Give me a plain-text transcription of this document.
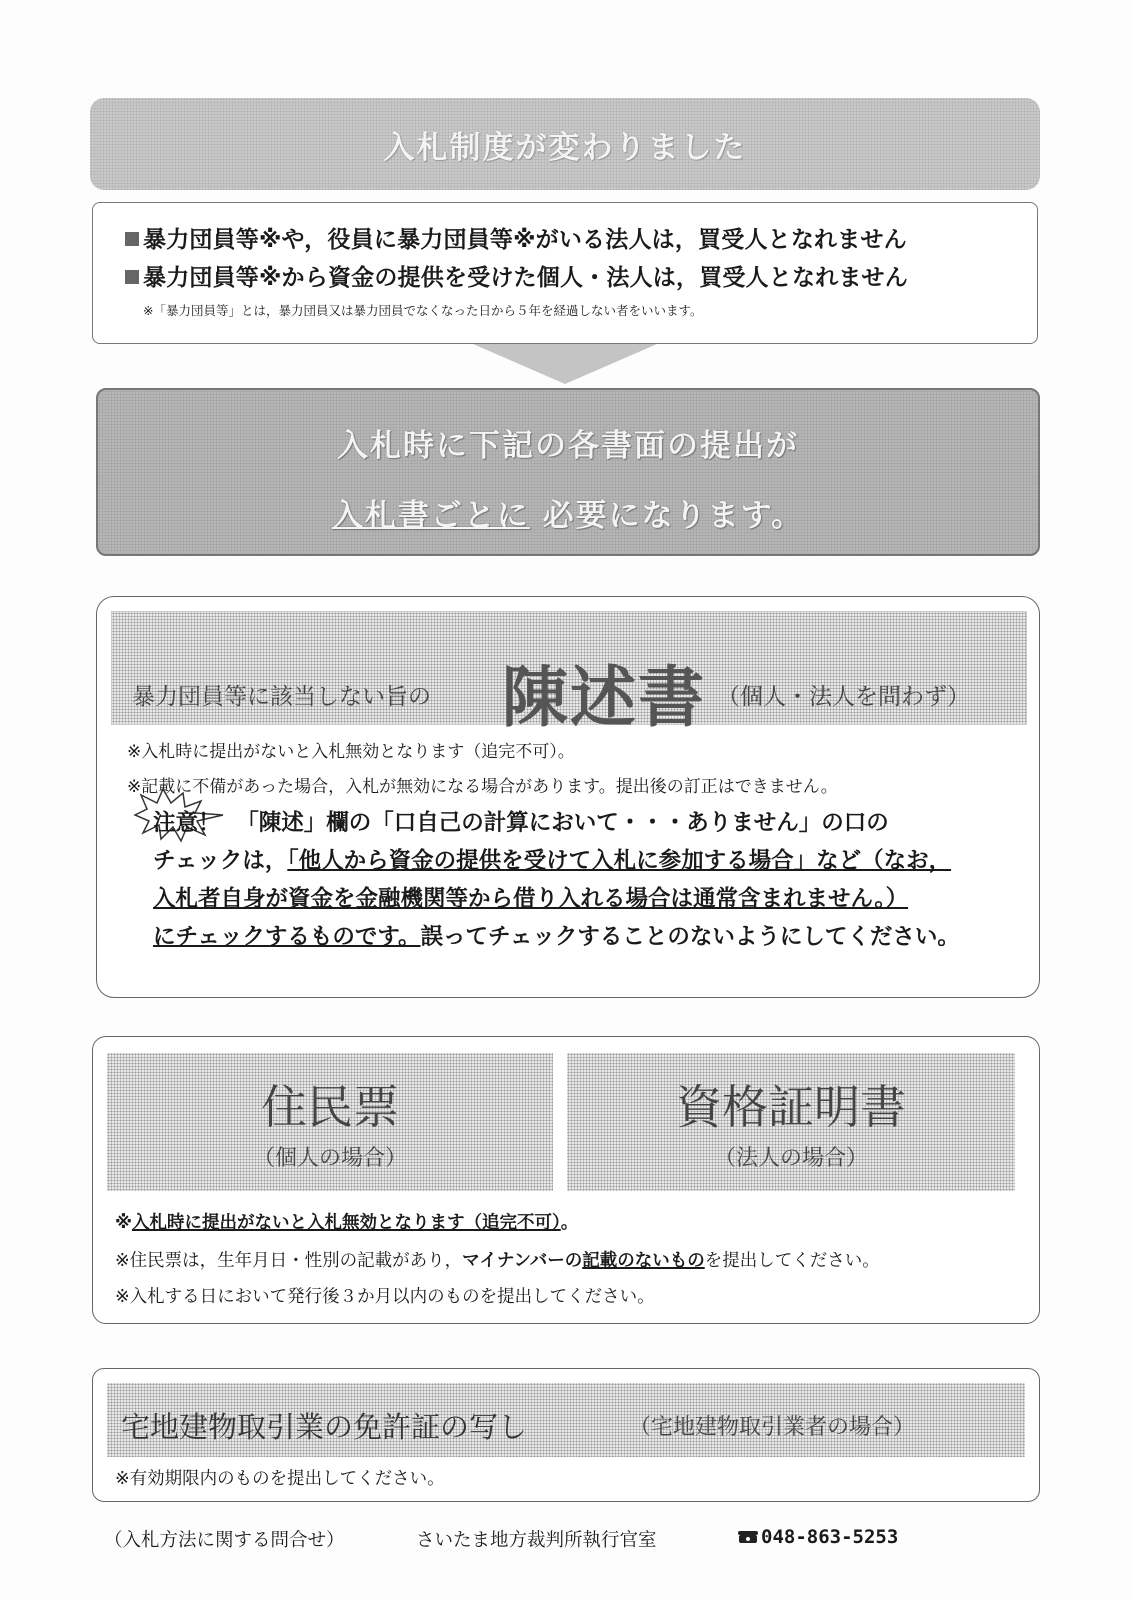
入札制度が変わりました
暴力団員等※や，役員に暴力団員等※がいる法人は，買受人となれません
暴力団員等※から資金の提供を受けた個人・法人は，買受人となれません
※「暴力団員等」とは，暴力団員又は暴力団員でなくなった日から５年を経過しない者をいいます。
入札時に下記の各書面の提出が
入札書ごとに 必要になります。
暴力団員等に該当しない旨の 陳述書 （個人・法人を問わず）
※入札時に提出がないと入札無効となります（追完不可）。
※記載に不備があった場合，入札が無効になる場合があります。提出後の訂正はできません。
注意！ 「陳述」欄の「口自己の計算において・・・ありません」の口の
チェックは，「他人から資金の提供を受けて入札に参加する場合」など（なお，
入札者自身が資金を金融機関等から借り入れる場合は通常含まれません。）
にチェックするものです。誤ってチェックすることのないようにしてください。
住民票
（個人の場合）
資格証明書
（法人の場合）
※入札時に提出がないと入札無効となります（追完不可）。
※住民票は，生年月日・性別の記載があり，マイナンバーの記載のないものを提出してください。
※入札する日において発行後３か月以内のものを提出してください。
宅地建物取引業の免許証の写し	（宅地建物取引業者の場合）
※有効期限内のものを提出してください。
（入札方法に関する問合せ）	さいたま地方裁判所執行官室	048-863-5253
